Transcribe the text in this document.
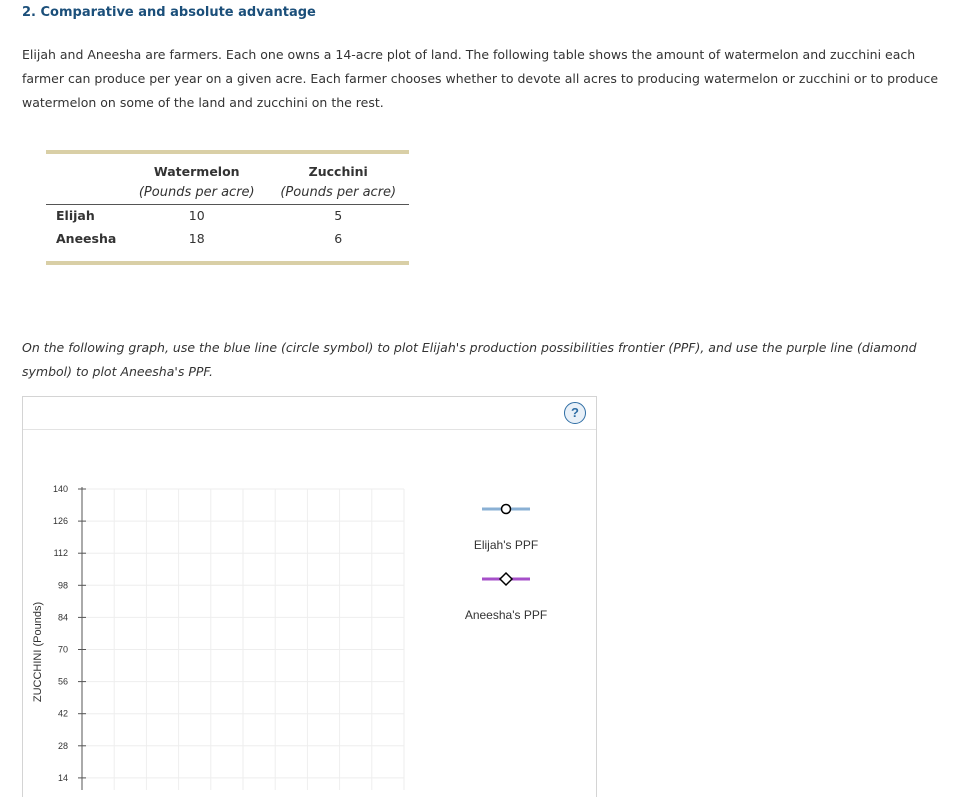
2. Comparative and absolute advantage
Elijah and Aneesha are farmers. Each one owns a 14-acre plot of land. The following table shows the amount of watermelon and zucchini each farmer can produce per year on a given acre. Each farmer chooses whether to devote all acres to producing watermelon or zucchini or to produce watermelon on some of the land and zucchini on the rest.

	Watermelon	Zucchini
	(Pounds per acre)	(Pounds per acre)
Elijah	10	5
Aneesha	18	6

On the following graph, use the blue line (circle symbol) to plot Elijah's production possibilities frontier (PPF), and use the purple line (diamond symbol) to plot Aneesha's PPF.
?
14
28
42
56
70
84
98
112
126
140
ZUCCHINI (Pounds)
Elijah's PPF
Aneesha's PPF
